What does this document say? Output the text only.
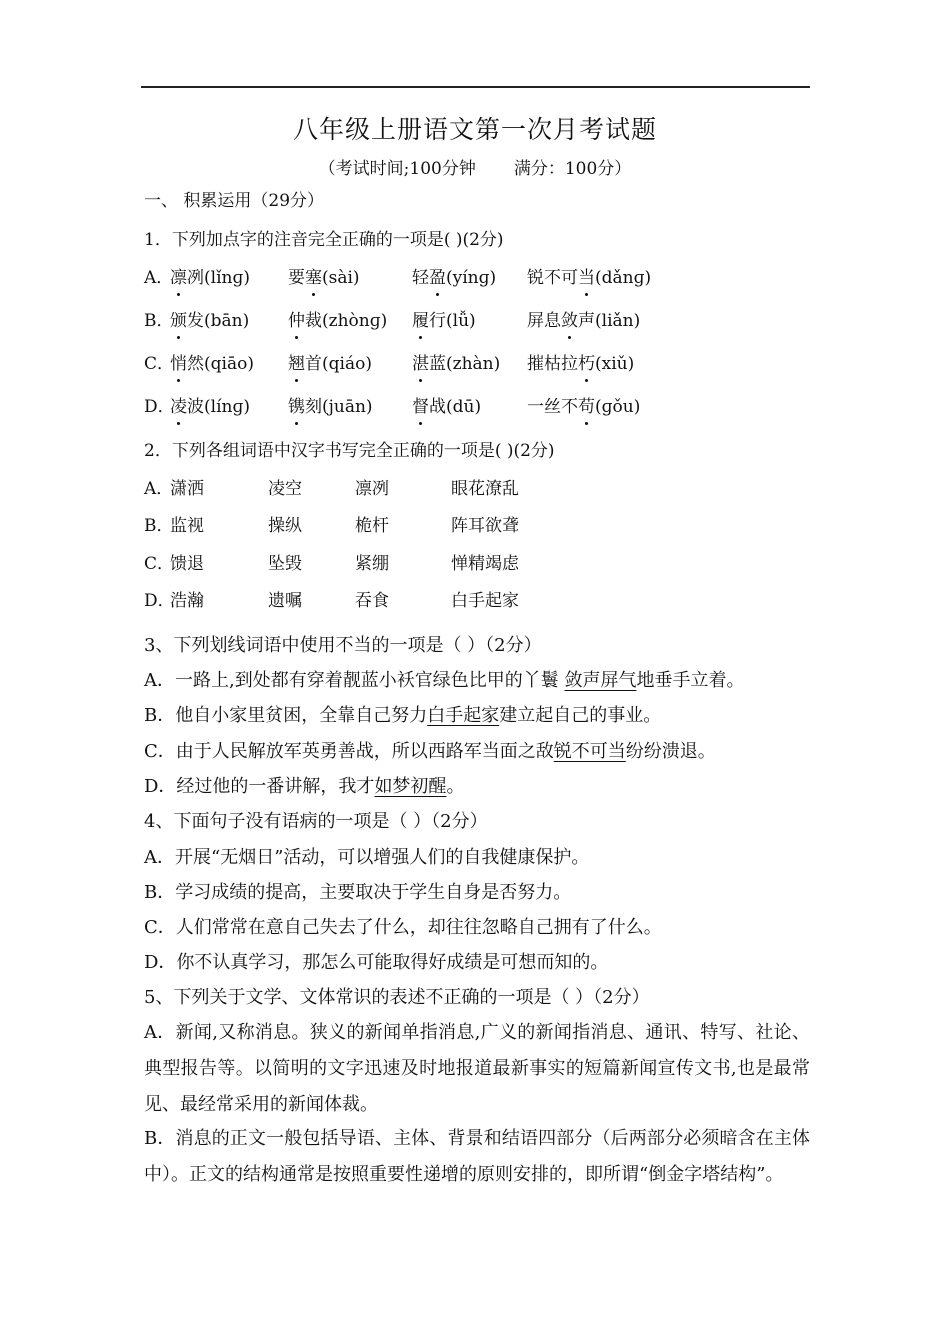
八年级上册语文第一次月考试题
（考试时间;100分钟 满分：100分）
一、 积累运用（29分）
1．下列加点字的注音完全正确的一项是( )(2分)
A．
凛冽(lǐnɡ) 要塞(sài)	轻盈(yínɡ) 锐不可当(dǎnɡ)
B．
颁发(bān) 仲裁(zhònɡ) 履行(lǚ)	屏息敛声(liǎn)
C．
悄然(qiāo) 翘首(qiáo) 湛蓝(zhàn) 摧枯拉朽(xiǔ)
D．
凌波(línɡ) 镌刻(juān) 督战(dū)	一丝不苟(ɡǒu)
2．下列各组词语中汉字书写完全正确的一项是( )(2分)
A．
潇洒	凌空	凛冽	眼花潦乱
B．
监视	操纵	桅杆	阵耳欲聋
C．
馈退	坠毁	紧绷	惮精竭虑
D．
浩瀚	遗嘱	吞食	白手起家
3、下列划线词语中使用不当的一项是（ ）（2分）
A．一路上,到处都有穿着靓蓝小袄官绿色比甲的丫鬟 敛声屏气地垂手立着。
B．他自小家里贫困，全靠自己努力白手起家建立起自己的事业。
C．由于人民解放军英勇善战，所以西路军当面之敌锐不可当纷纷溃退。
D．经过他的一番讲解，我才如梦初醒。
4、下面句子没有语病的一项是（ ）（2分）
A．开展“无烟日”活动，可以增强人们的自我健康保护。
B．学习成绩的提高，主要取决于学生自身是否努力。
C．人们常常在意自己失去了什么，却往往忽略自己拥有了什么。
D．你不认真学习，那怎么可能取得好成绩是可想而知的。
5、下列关于文学、文体常识的表述不正确的一项是（ ）（2分）
A．新闻,又称消息。狭义的新闻单指消息,广义的新闻指消息、通讯、特写、社论、典型报告等。以简明的文字迅速及时地报道最新事实的短篇新闻宣传文书,也是最常见、最经常采用的新闻体裁。
B．消息的正文一般包括导语、主体、背景和结语四部分（后两部分必须暗含在主体中）。正文的结构通常是按照重要性递增的原则安排的，即所谓“倒金字塔结构”。
